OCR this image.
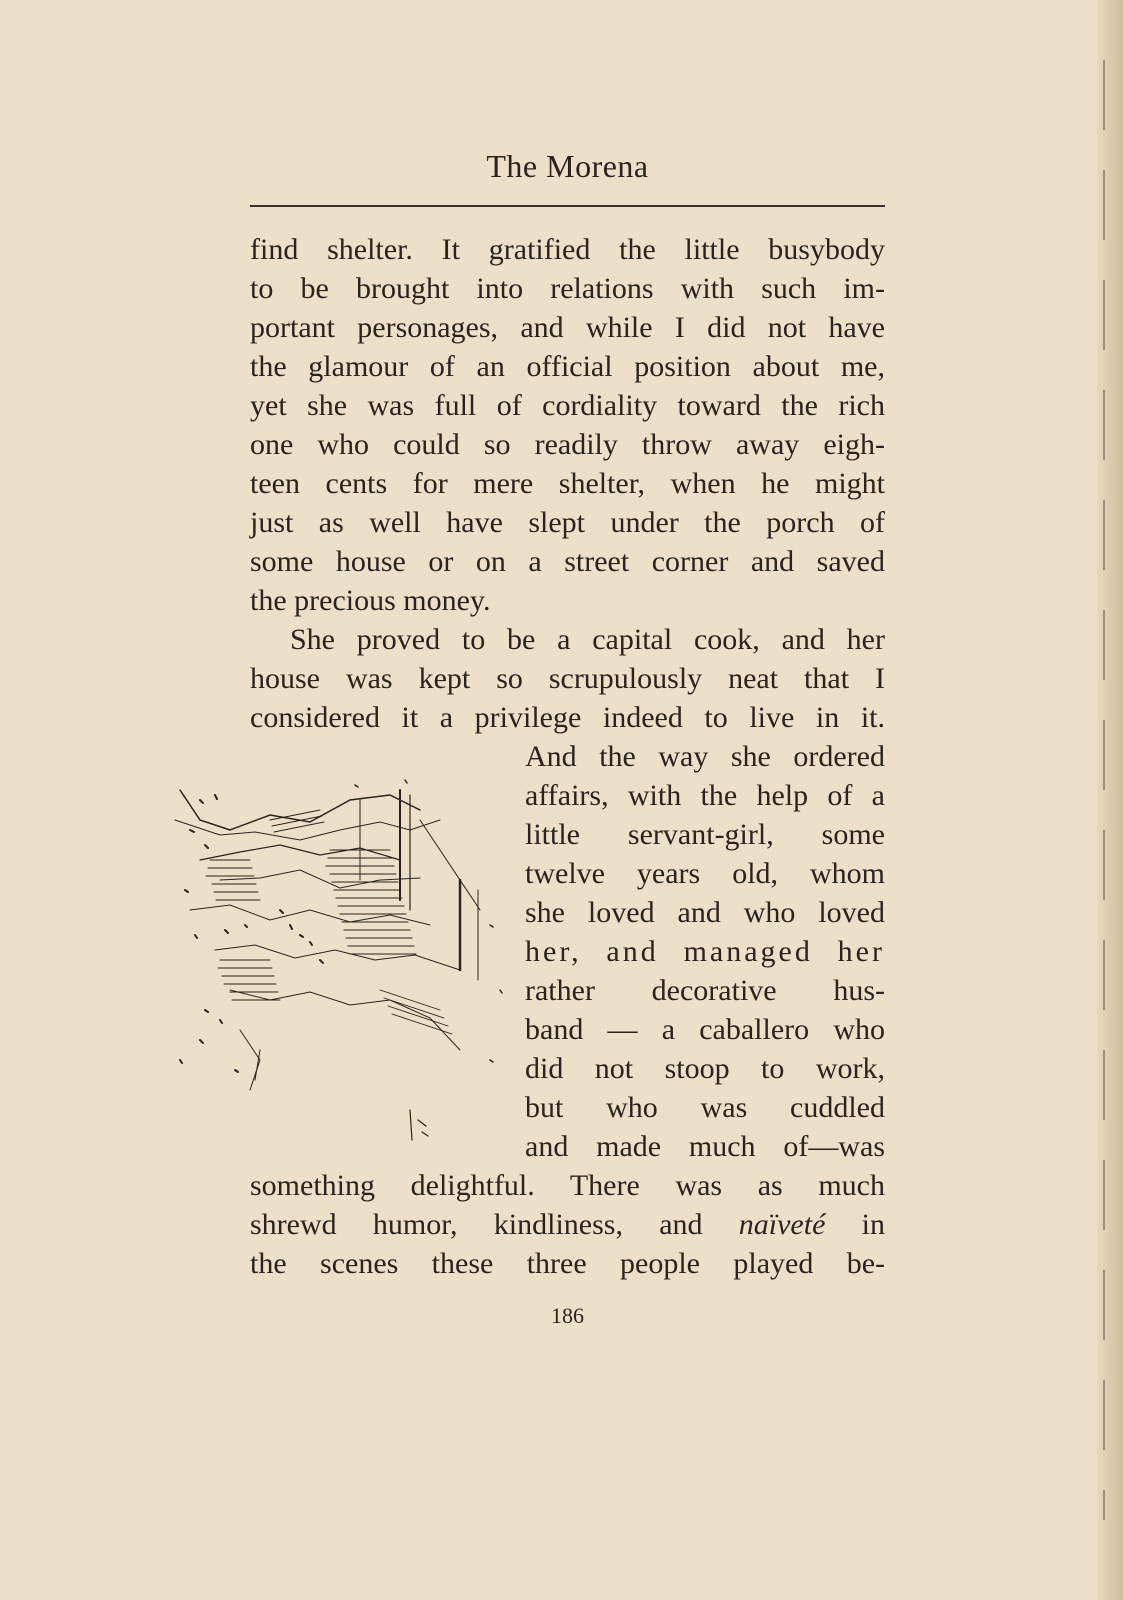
The Morena
find shelter. It gratified the little busybody
to be brought into relations with such im-
portant personages, and while I did not have
the glamour of an official position about me,
yet she was full of cordiality toward the rich
one who could so readily throw away eigh-
teen cents for mere shelter, when he might
just as well have slept under the porch of
some house or on a street corner and saved
the precious money.
She proved to be a capital cook, and her
house was kept so scrupulously neat that I
considered it a privilege indeed to live in it.
And the way she ordered
affairs, with the help of a
little servant-girl, some
twelve years old, whom
she loved and who loved
her, and managed her
rather decorative hus-
band — a caballero who
did not stoop to work,
but who was cuddled
and made much of—was
something delightful. There was as much
shrewd humor, kindliness, and naïveté in
the scenes these three people played be-
186
